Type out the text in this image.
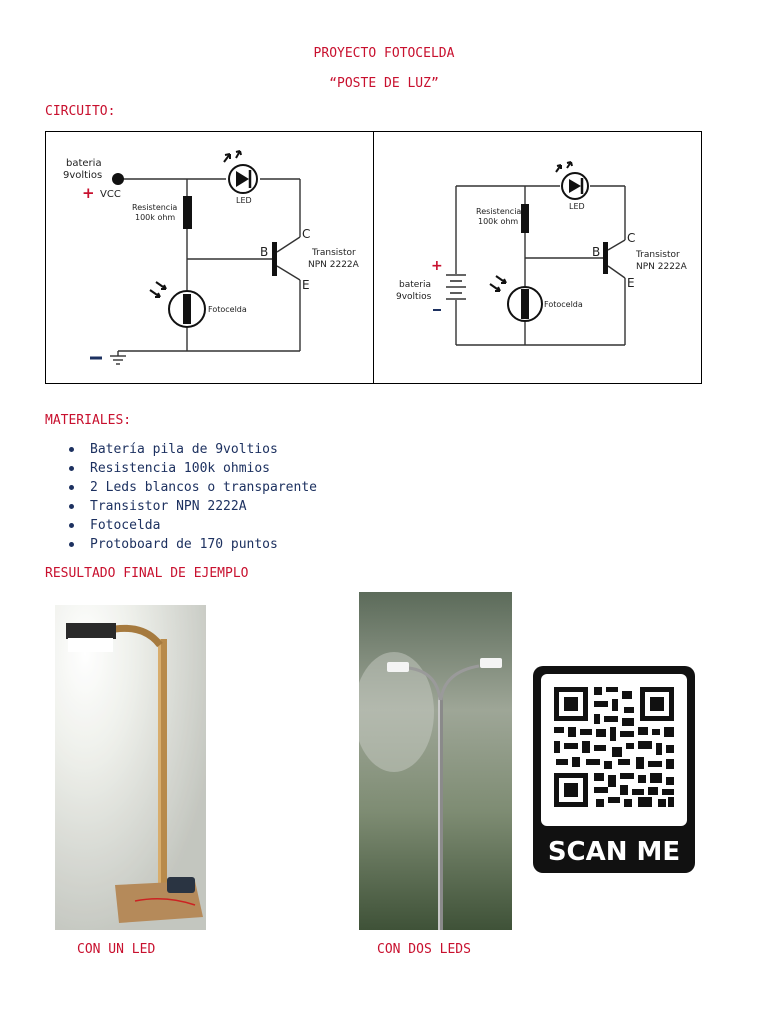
PROYECTO FOTOCELDA
“POSTE DE LUZ”
CIRCUITO:
bateria
9voltios
+ VCC
Resistencia
100k ohm
LED
B
C
E
Transistor
NPN 2222A
Fotocelda
+
bateria
9voltios
Resistencia
100k ohm
LED
B
C
E
Transistor
NPN 2222A
Fotocelda
MATERIALES:
Batería pila de 9voltios
Resistencia 100k ohmios
2 Leds blancos o transparente
Transistor NPN 2222A
Fotocelda
Protoboard de 170 puntos
RESULTADO FINAL DE EJEMPLO
SCAN ME
CON UN LED	CON DOS LEDS
